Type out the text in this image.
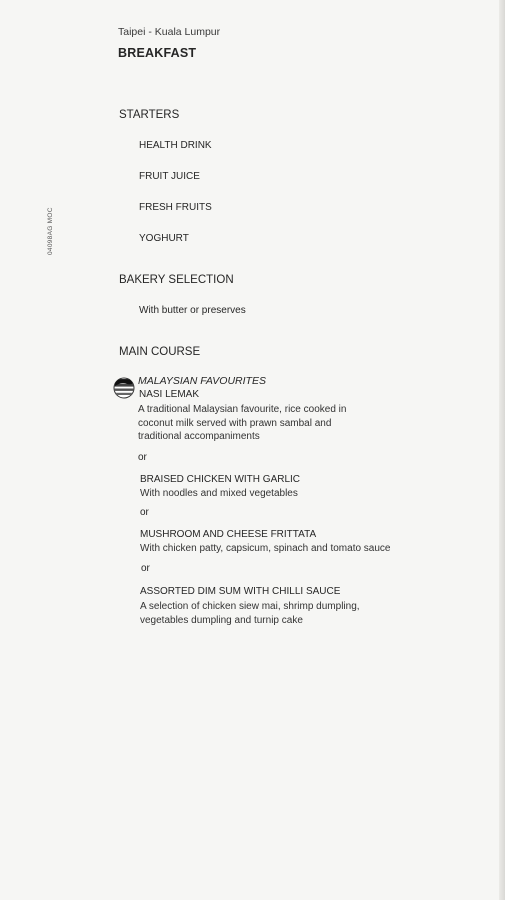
04098AG MOC
Taipei - Kuala Lumpur
BREAKFAST
STARTERS
HEALTH DRINK
FRUIT JUICE
FRESH FRUITS
YOGHURT
BAKERY SELECTION
With butter or preserves
MAIN COURSE
MALAYSIAN FAVOURITES
NASI LEMAK
A traditional Malaysian favourite, rice cooked in coconut milk served with prawn sambal and traditional accompaniments
or
BRAISED CHICKEN WITH GARLIC
With noodles and mixed vegetables
or
MUSHROOM AND CHEESE FRITTATA
With chicken patty, capsicum, spinach and tomato sauce
or
ASSORTED DIM SUM WITH CHILLI SAUCE
A selection of chicken siew mai, shrimp dumpling, vegetables dumpling and turnip cake
